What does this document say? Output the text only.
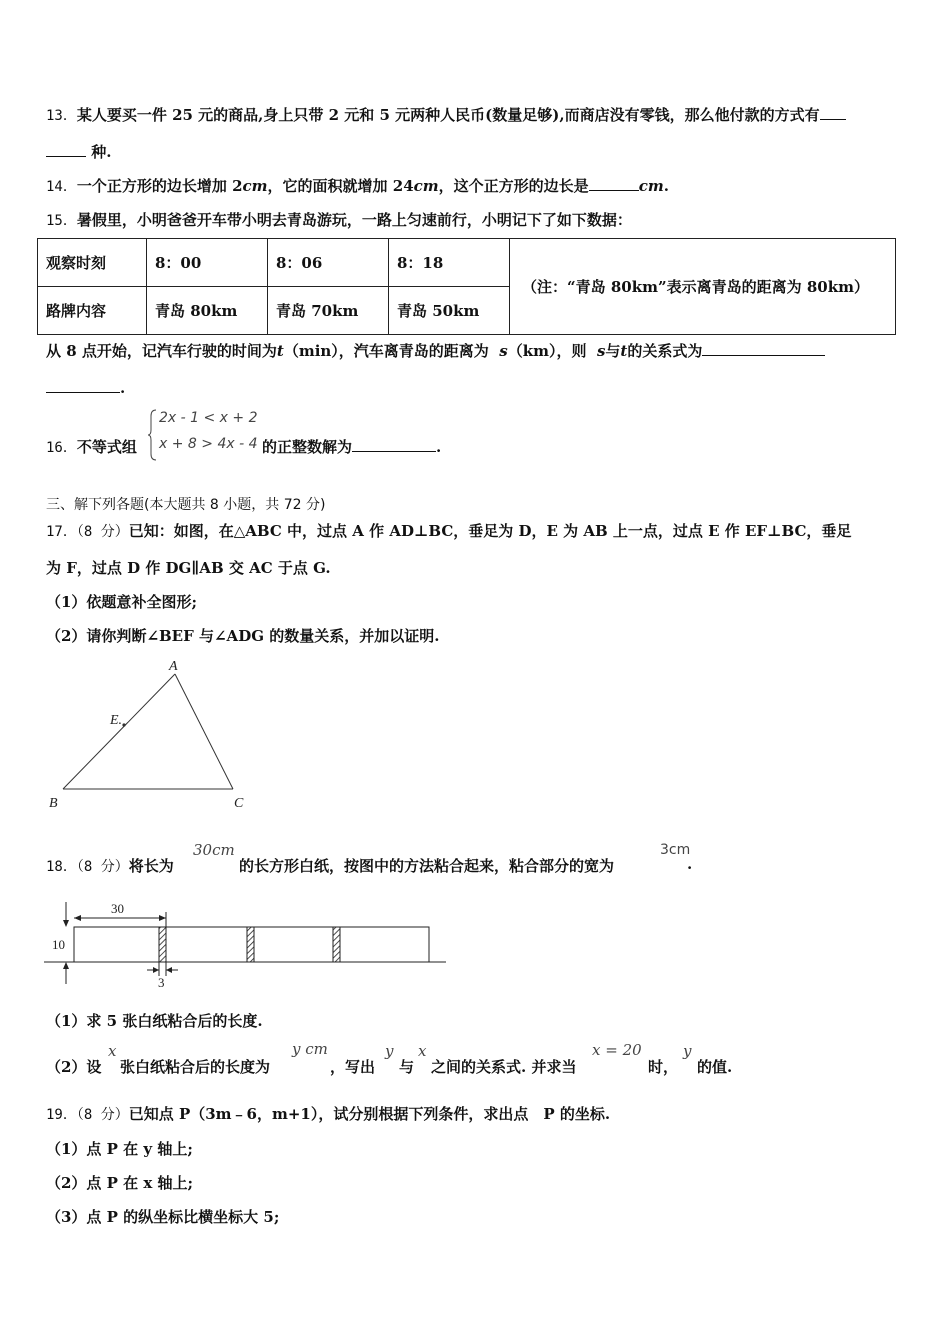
13．某人要买一件 25 元的商品,身上只带 2 元和 5 元两种人民币(数量足够),而商店没有零钱，那么他付款的方式有
种.
14．一个正方形的边长增加 2cm，它的面积就增加 24cm，这个正方形的边长是	cm.
15．暑假里，小明爸爸开车带小明去青岛游玩，一路上匀速前行，小明记下了如下数据：
观察时刻	8：00	8：06	8：18	（注：“青岛 80km”表示离青岛的距离为 80km）
路牌内容	青岛 80km	青岛 70km	青岛 50km	
从 8 点开始，记汽车行驶的时间为t（min），汽车离青岛的距离为 s（km），则 s与t的关系式为
.
16．不等式组
2x - 1 < x + 2
x + 8 > 4x - 4 的正整数解为	.
三、解下列各题(本大题共 8 小题，共 72 分)
17．（8 分）已知：如图，在△ABC 中，过点 A 作 AD⊥BC，垂足为 D，E 为 AB 上一点，过点 E 作 EF⊥BC，垂足
为 F，过点 D 作 DG∥AB 交 AC 于点 G.
（1）依题意补全图形;
（2）请你判断∠BEF 与∠ADG 的数量关系，并加以证明.
A
E.
B	C
18．（8 分）将长为
30cm
的长方形白纸，按图中的方法粘合起来，粘合部分的宽为
3cm
.
30
10
3
（1）求 5 张白纸粘合后的长度.
（2）设
x
张白纸粘合后的长度为
y cm
，写出
y
与
x
之间的关系式. 并求当
x = 20
时，
y
的值.
19．（8 分）已知点 P（3m﹣6，m+1），试分别根据下列条件，求出点　P 的坐标.
（1）点 P 在 y 轴上;
（2）点 P 在 x 轴上;
（3）点 P 的纵坐标比横坐标大 5;
